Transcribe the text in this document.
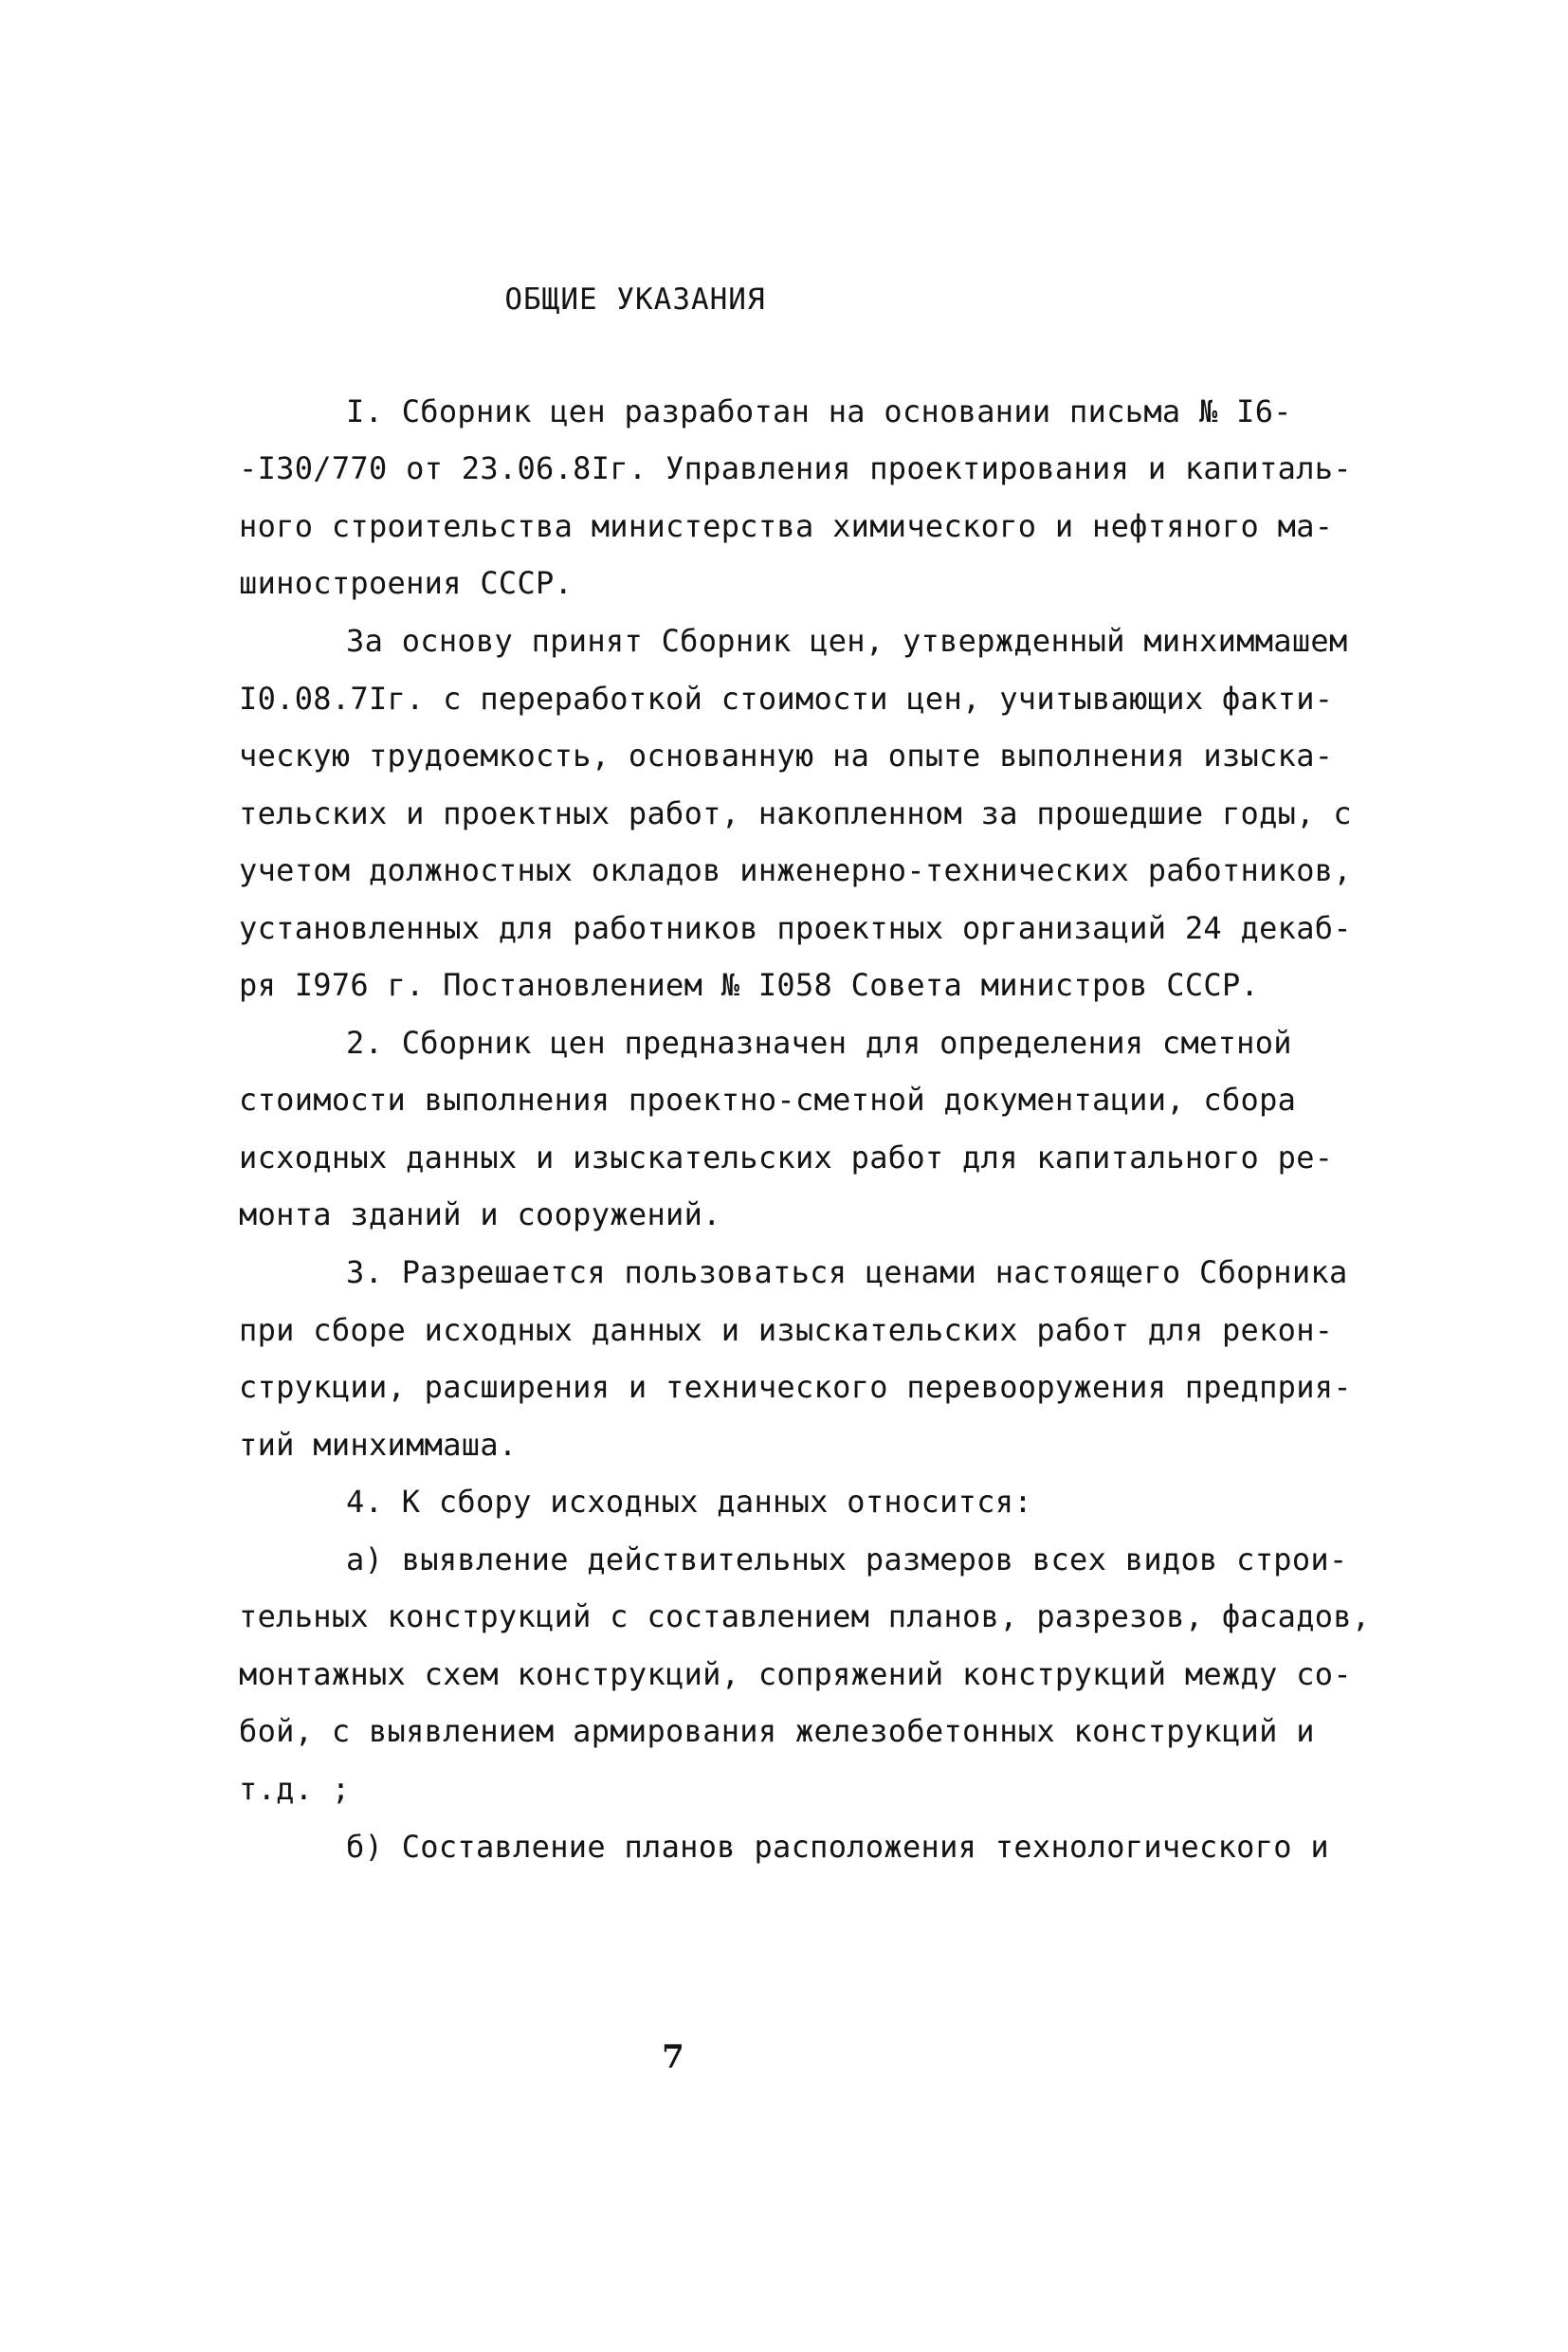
ОБЩИЕ УКАЗАНИЯ
I. Сборник цен разработан на основании письма № I6-
-I30/770 от 23.06.8Iг. Управления проектирования и капиталь-
ного строительства министерства химического и нефтяного ма-
шиностроения СССР.
За основу принят Сборник цен, утвержденный минхиммашем
I0.08.7Iг. с переработкой стоимости цен, учитывающих факти-
ческую трудоемкость, основанную на опыте выполнения изыска-
тельских и проектных работ, накопленном за прошедшие годы, с
учетом должностных окладов инженерно-технических работников,
установленных для работников проектных организаций 24 декаб-
ря I976 г. Постановлением № I058 Совета министров СССР.
2. Сборник цен предназначен для определения сметной
стоимости выполнения проектно-сметной документации, сбора
исходных данных и изыскательских работ для капитального ре-
монта зданий и сооружений.
3. Разрешается пользоваться ценами настоящего Сборника
при сборе исходных данных и изыскательских работ для рекон-
струкции, расширения и технического перевооружения предприя-
тий минхиммаша.
4. К сбору исходных данных относится:
а) выявление действительных размеров всех видов строи-
тельных конструкций с составлением планов, разрезов, фасадов,
монтажных схем конструкций, сопряжений конструкций между со-
бой, с выявлением армирования железобетонных конструкций и
т.д. ;
б) Составление планов расположения технологического и
7
